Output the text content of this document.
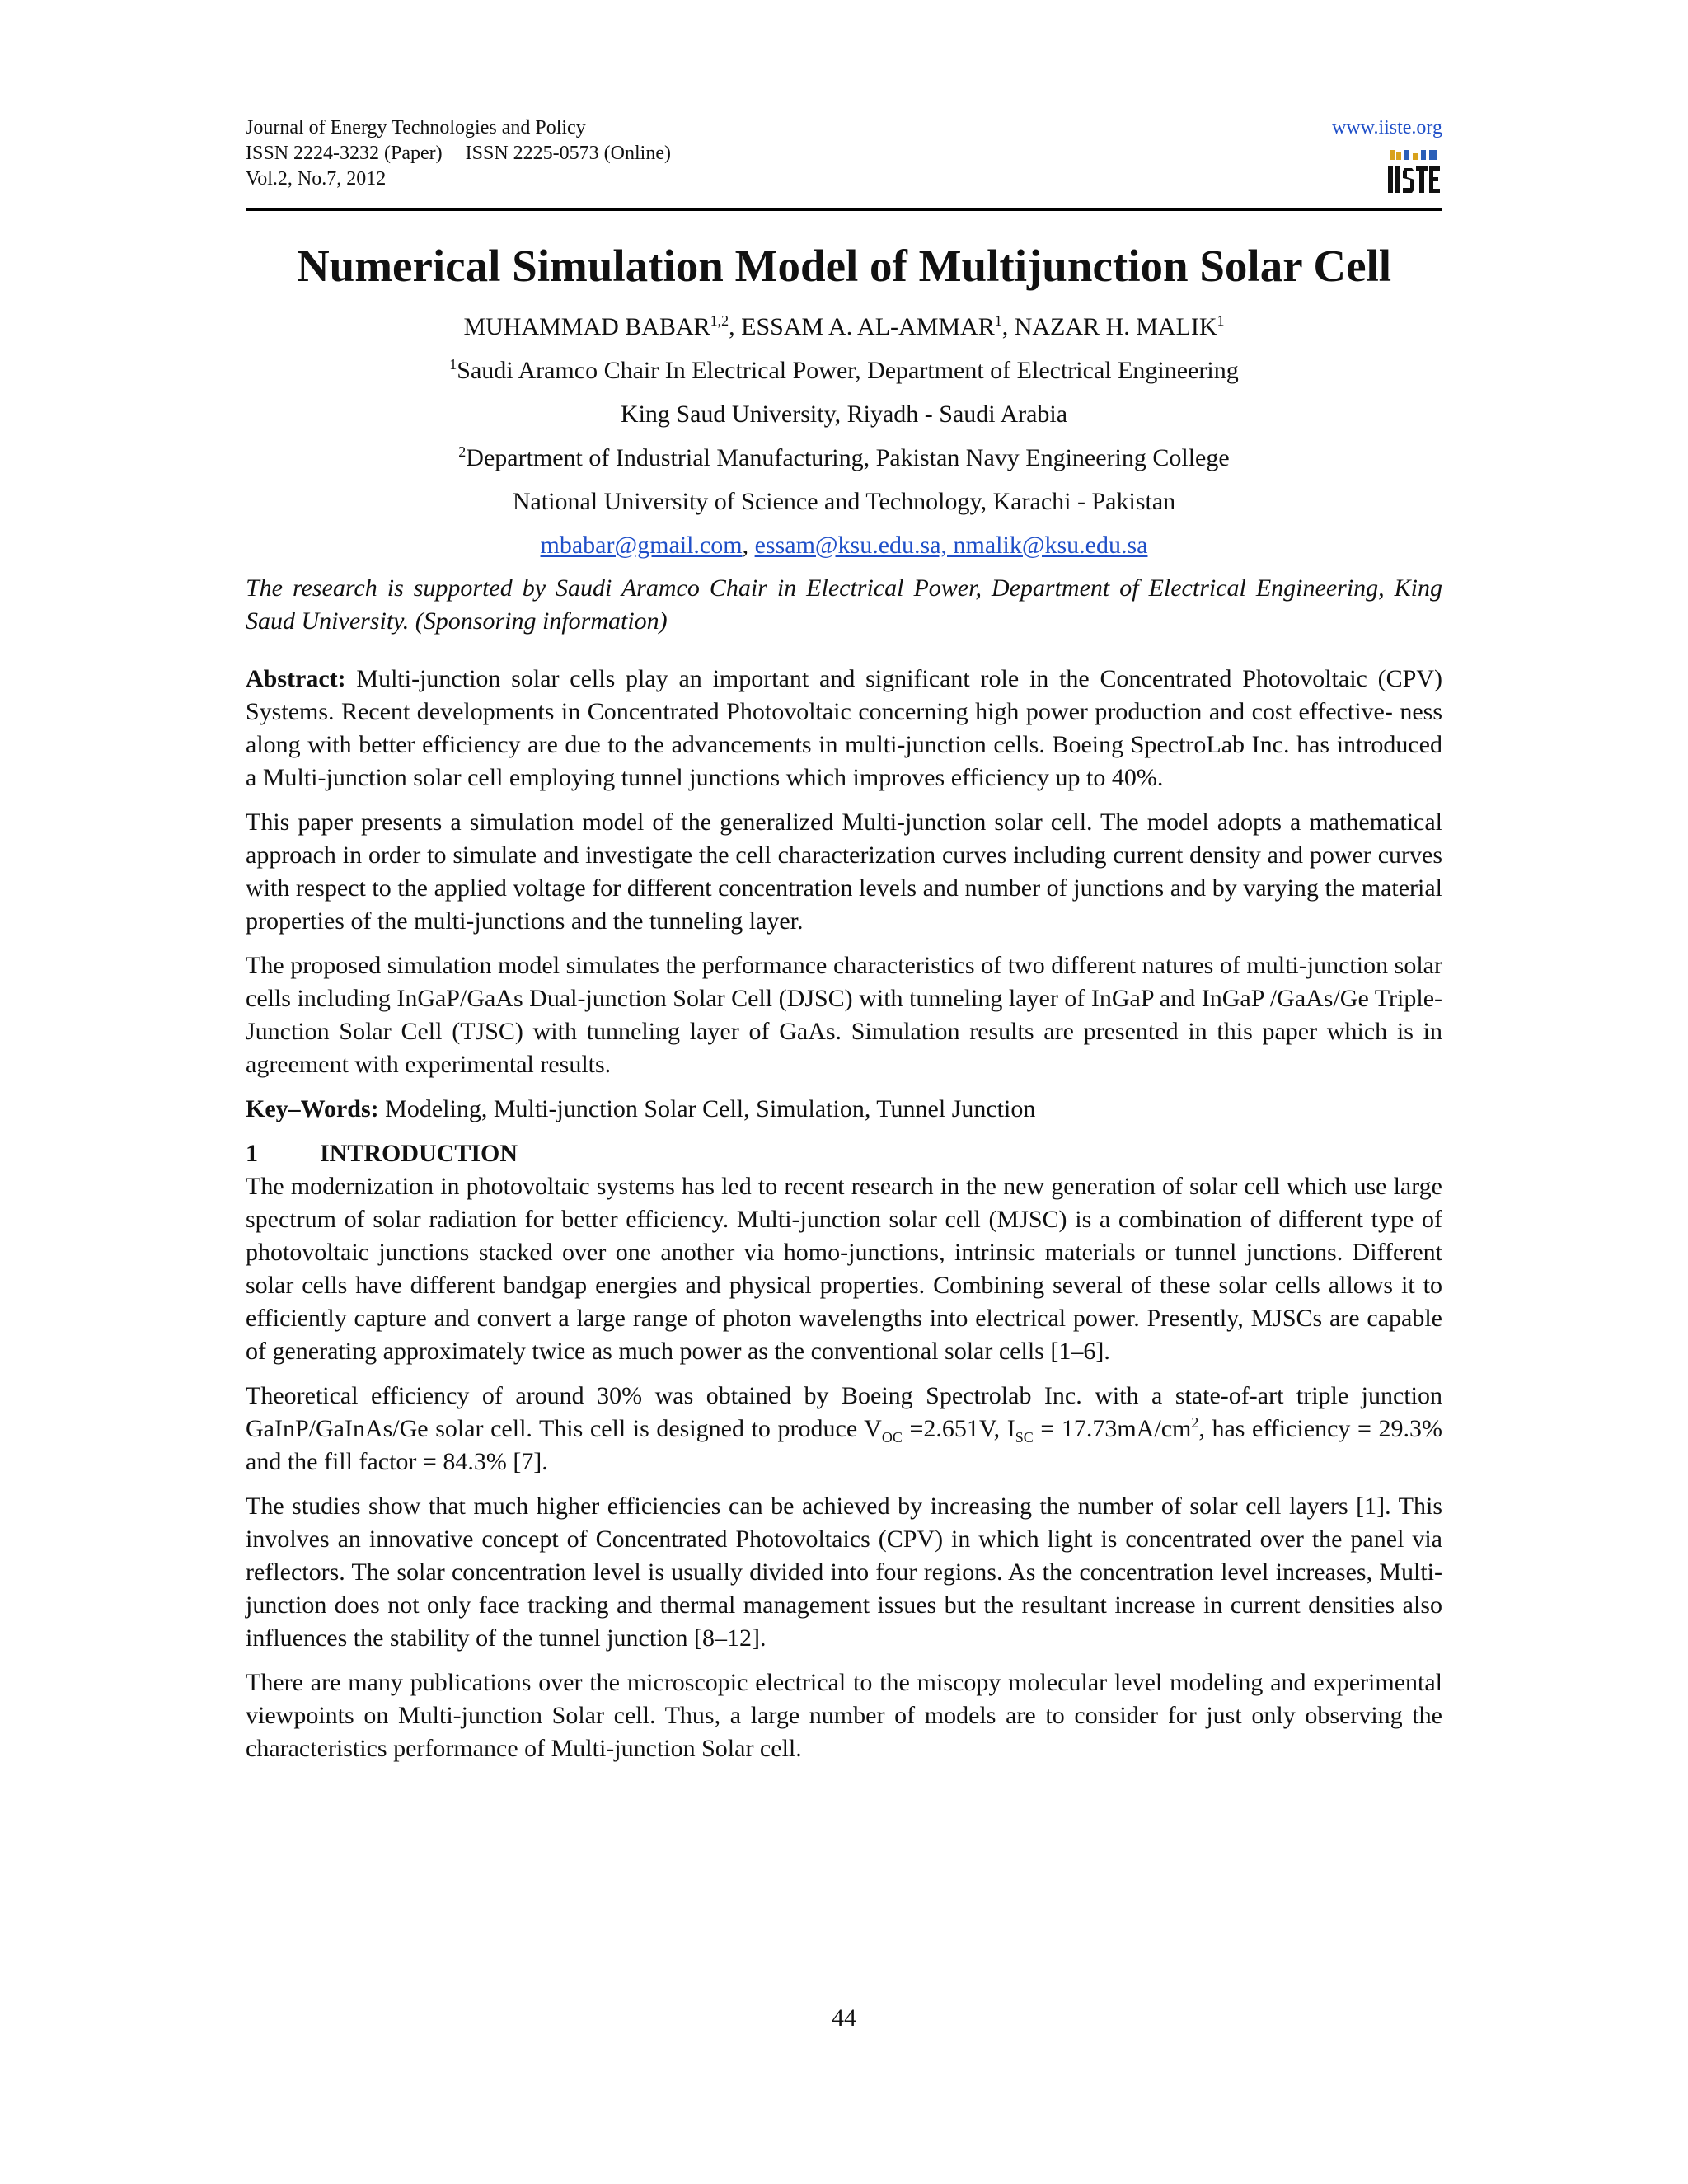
Journal of Energy Technologies and Policy
ISSN 2224-3232 (Paper) ISSN 2225-0573 (Online)
Vol.2, No.7, 2012
www.iiste.org
Numerical Simulation Model of Multijunction Solar Cell
MUHAMMAD BABAR$^{1,2}$, ESSAM A. AL-AMMAR$^1$, NAZAR H. MALIK$^1$
$^1$Saudi Aramco Chair In Electrical Power, Department of Electrical Engineering
King Saud University, Riyadh - Saudi Arabia
$^2$Department of Industrial Manufacturing, Pakistan Navy Engineering College
National University of Science and Technology, Karachi - Pakistan
mbabar@gmail.com, essam@ksu.edu.sa, nmalik@ksu.edu.sa
The research is supported by Saudi Aramco Chair in Electrical Power, Department of Electrical Engineering, King Saud University. (Sponsoring information)

Abstract: Multi-junction solar cells play an important and significant role in the Concentrated Photovoltaic (CPV) Systems. Recent developments in Concentrated Photovoltaic concerning high power production and cost effective- ness along with better efficiency are due to the advancements in multi-junction cells. Boeing SpectroLab Inc. has introduced a Multi-junction solar cell employing tunnel junctions which improves efficiency up to 40%.

This paper presents a simulation model of the generalized Multi-junction solar cell. The model adopts a mathematical approach in order to simulate and investigate the cell characterization curves including current density and power curves with respect to the applied voltage for different concentration levels and number of junctions and by varying the material properties of the multi-junctions and the tunneling layer.

The proposed simulation model simulates the performance characteristics of two different natures of multi-junction solar cells including InGaP/GaAs Dual-junction Solar Cell (DJSC) with tunneling layer of InGaP and InGaP /GaAs/Ge Triple-Junction Solar Cell (TJSC) with tunneling layer of GaAs. Simulation results are presented in this paper which is in agreement with experimental results.

Key–Words: Modeling, Multi-junction Solar Cell, Simulation, Tunnel Junction

1	INTRODUCTION

The modernization in photovoltaic systems has led to recent research in the new generation of solar cell which use large spectrum of solar radiation for better efficiency. Multi-junction solar cell (MJSC) is a combination of different type of photovoltaic junctions stacked over one another via homo-junctions, intrinsic materials or tunnel junctions. Different solar cells have different bandgap energies and physical properties. Combining several of these solar cells allows it to efficiently capture and convert a large range of photon wavelengths into electrical power. Presently, MJSCs are capable of generating approximately twice as much power as the conventional solar cells [1–6].

Theoretical efficiency of around 30% was obtained by Boeing Spectrolab Inc. with a state-of-art triple junction GaInP/GaInAs/Ge solar cell. This cell is designed to produce $V_{OC} =2.651V$, $I_{SC} = 17.73mA/cm^2$, has efficiency = 29.3% and the fill factor = 84.3% [7].

The studies show that much higher efficiencies can be achieved by increasing the number of solar cell layers [1]. This involves an innovative concept of Concentrated Photovoltaics (CPV) in which light is concentrated over the panel via reflectors. The solar concentration level is usually divided into four regions. As the concentration level increases, Multi-junction does not only face tracking and thermal management issues but the resultant increase in current densities also influences the stability of the tunnel junction [8–12].

There are many publications over the microscopic electrical to the miscopy molecular level modeling and experimental viewpoints on Multi-junction Solar cell. Thus, a large number of models are to consider for just only observing the characteristics performance of Multi-junction Solar cell.

44
